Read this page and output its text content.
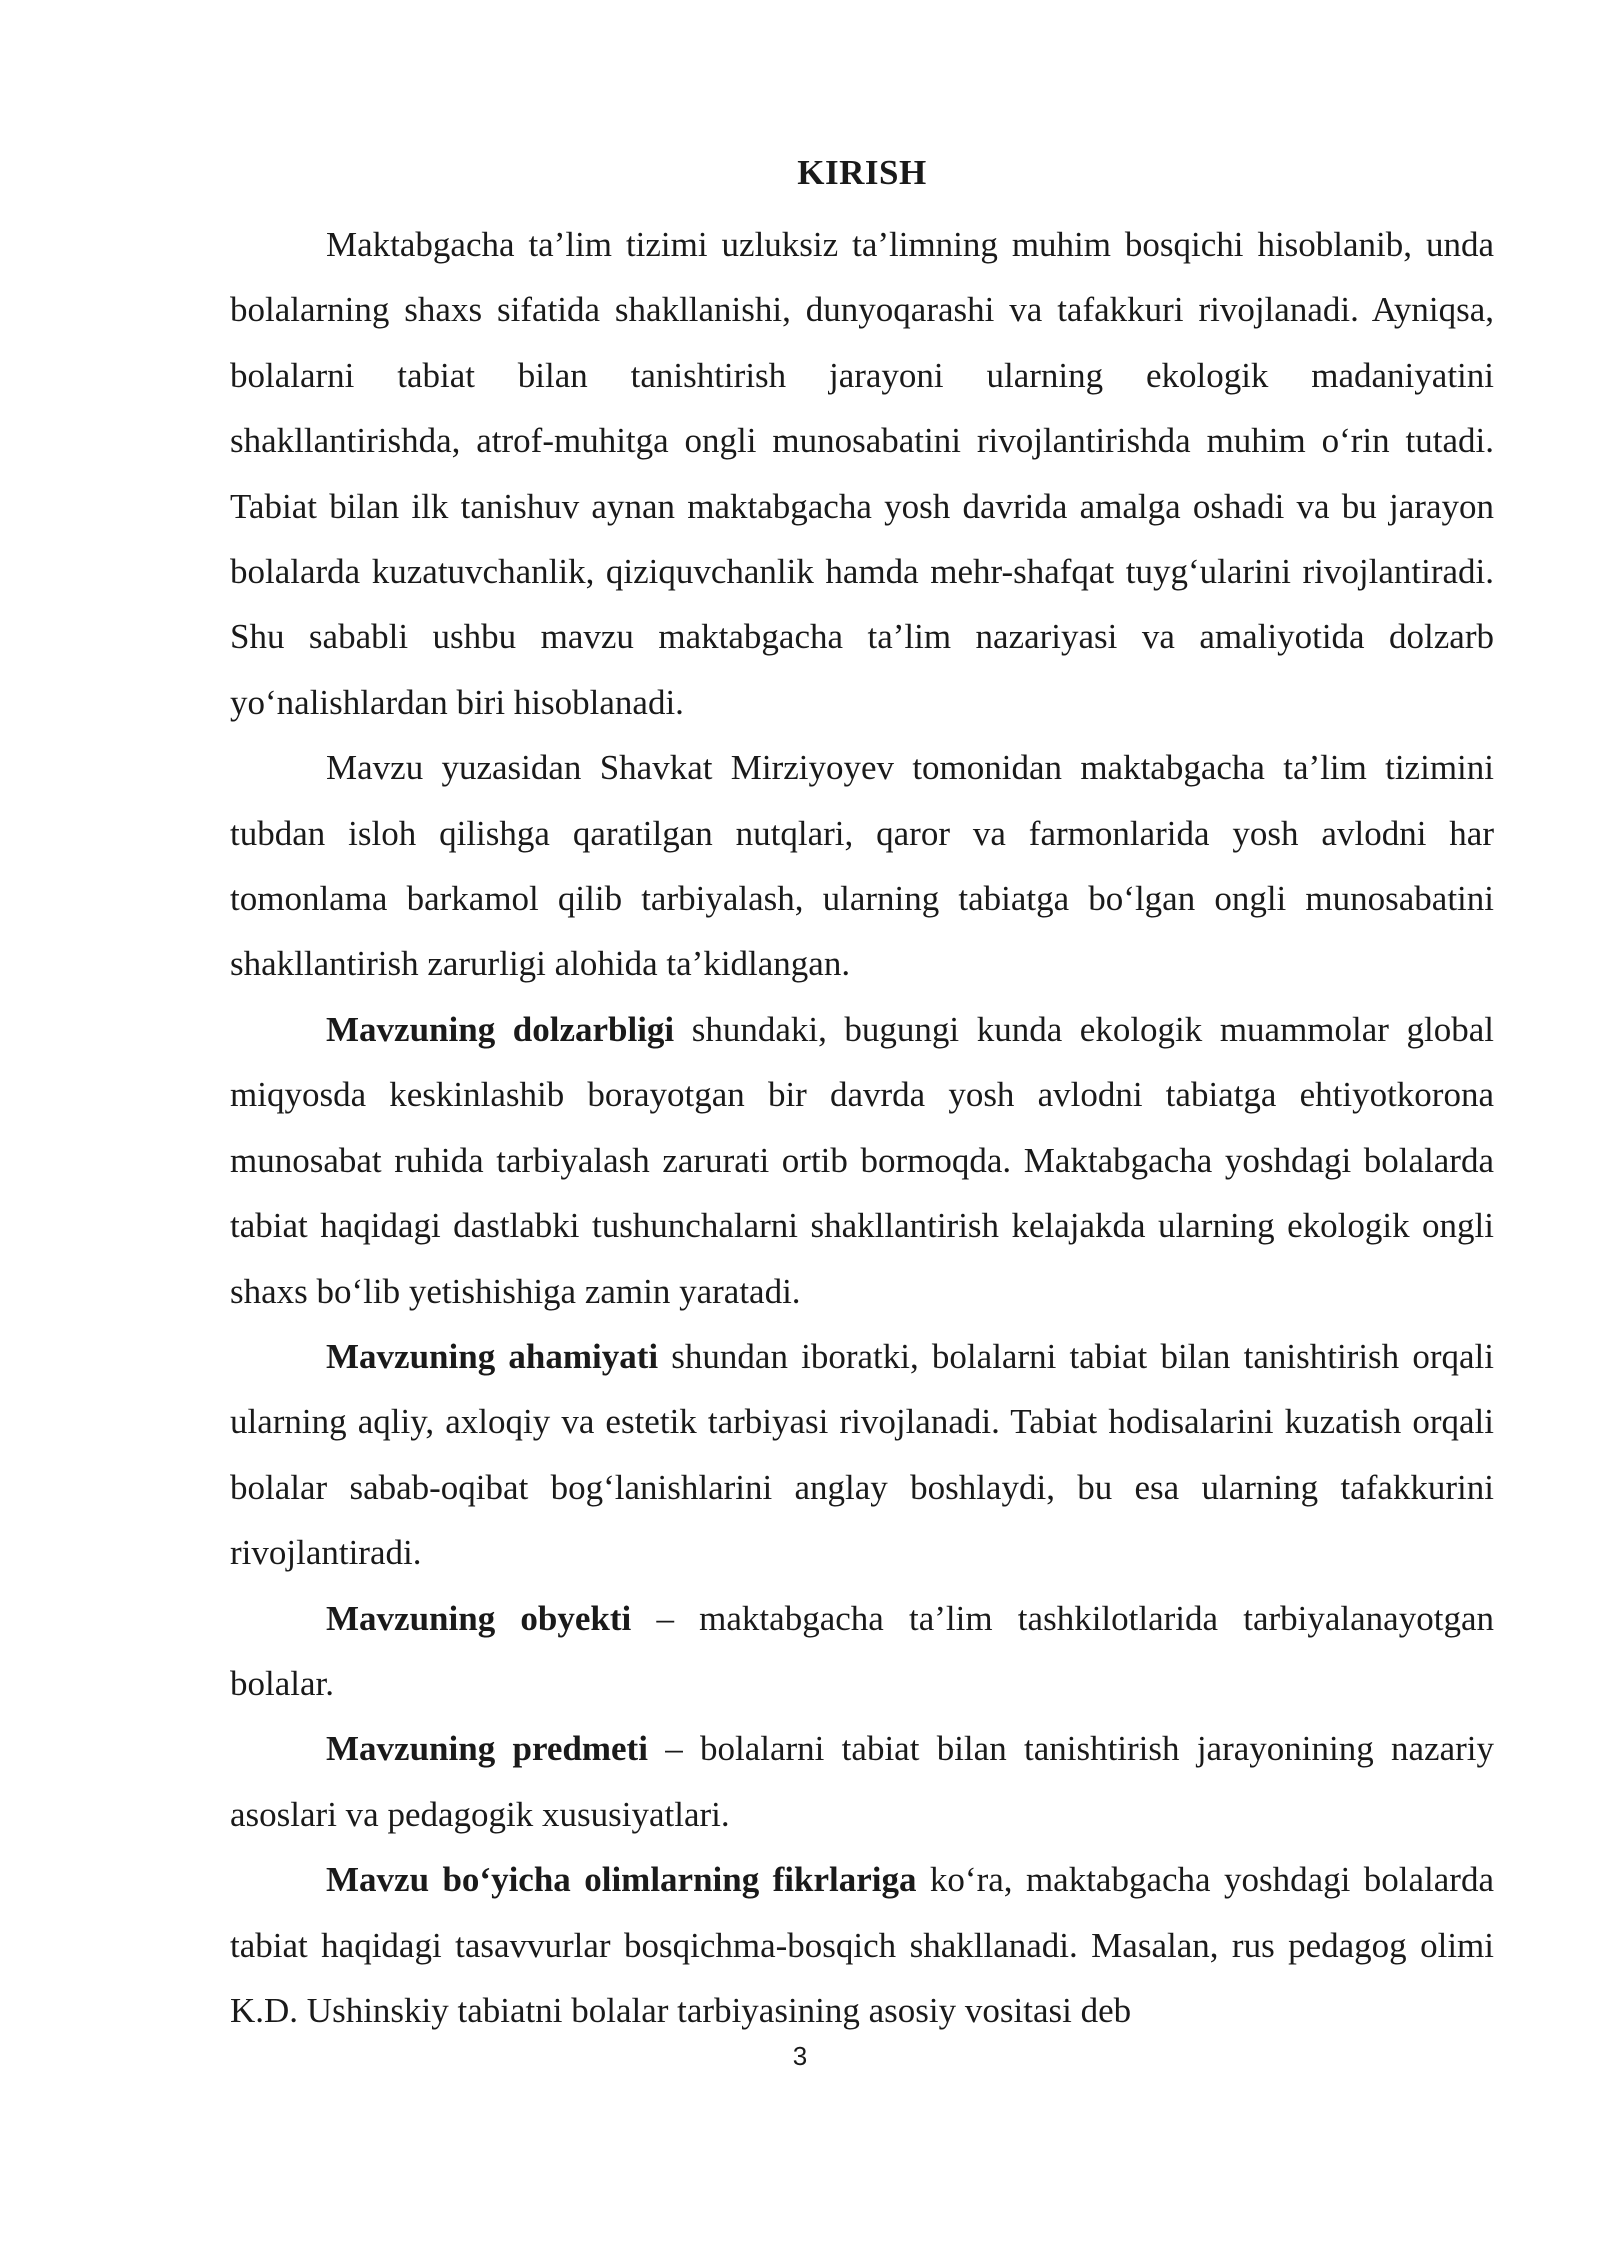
KIRISH

Maktabgacha ta’lim tizimi uzluksiz ta’limning muhim bosqichi hisoblanib, unda bolalarning shaxs sifatida shakllanishi, dunyoqarashi va tafakkuri rivojlanadi. Ayniqsa, bolalarni tabiat bilan tanishtirish jarayoni ularning ekologik madaniyatini shakllantirishda, atrof-muhitga ongli munosabatini rivojlantirishda muhim o‘rin tutadi. Tabiat bilan ilk tanishuv aynan maktabgacha yosh davrida amalga oshadi va bu jarayon bolalarda kuzatuvchanlik, qiziquvchanlik hamda mehr-shafqat tuyg‘ularini rivojlantiradi. Shu sababli ushbu mavzu maktabgacha ta’lim nazariyasi va amaliyotida dolzarb yo‘nalishlardan biri hisoblanadi.

Mavzu yuzasidan Shavkat Mirziyoyev tomonidan maktabgacha ta’lim tizimini tubdan isloh qilishga qaratilgan nutqlari, qaror va farmonlarida yosh avlodni har tomonlama barkamol qilib tarbiyalash, ularning tabiatga bo‘lgan ongli munosabatini shakllantirish zarurligi alohida ta’kidlangan.

Mavzuning dolzarbligi shundaki, bugungi kunda ekologik muammolar global miqyosda keskinlashib borayotgan bir davrda yosh avlodni tabiatga ehtiyotkorona munosabat ruhida tarbiyalash zarurati ortib bormoqda. Maktabgacha yoshdagi bolalarda tabiat haqidagi dastlabki tushunchalarni shakllantirish kelajakda ularning ekologik ongli shaxs bo‘lib yetishishiga zamin yaratadi.

Mavzuning ahamiyati shundan iboratki, bolalarni tabiat bilan tanishtirish orqali ularning aqliy, axloqiy va estetik tarbiyasi rivojlanadi. Tabiat hodisalarini kuzatish orqali bolalar sabab-oqibat bog‘lanishlarini anglay boshlaydi, bu esa ularning tafakkurini rivojlantiradi.

Mavzuning obyekti – maktabgacha ta’lim tashkilotlarida tarbiyalanayotgan bolalar.

Mavzuning predmeti – bolalarni tabiat bilan tanishtirish jarayonining nazariy asoslari va pedagogik xususiyatlari.

Mavzu bo‘yicha olimlarning fikrlariga ko‘ra, maktabgacha yoshdagi bolalarda tabiat haqidagi tasavvurlar bosqichma-bosqich shakllanadi. Masalan, rus pedagog olimi K.D. Ushinskiy tabiatni bolalar tarbiyasining asosiy vositasi deb

3
